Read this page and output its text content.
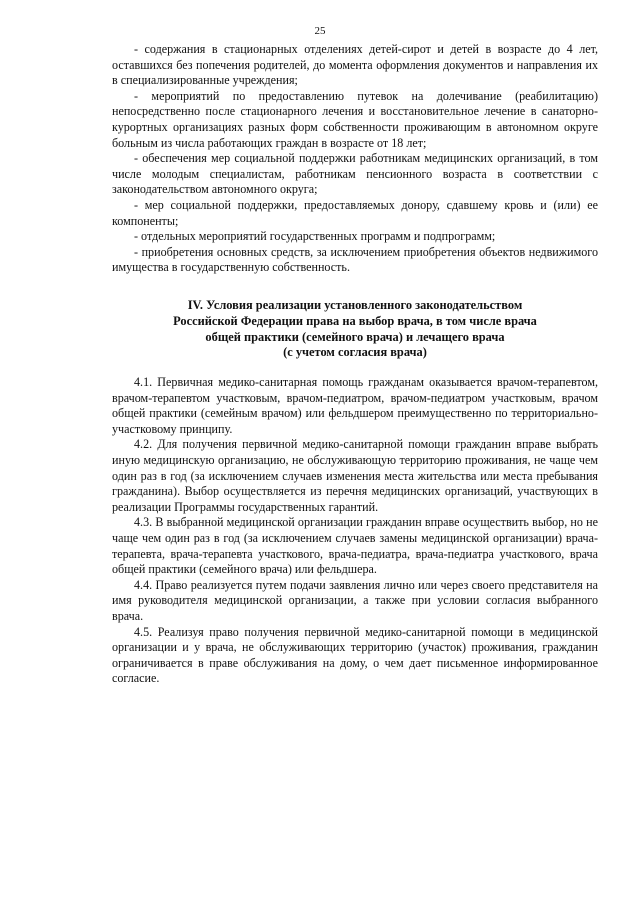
25

- содержания в стационарных отделениях детей-сирот и детей в возрасте до 4 лет, оставшихся без попечения родителей, до момента оформления документов и направления их в специализированные учреждения;

- мероприятий по предоставлению путевок на долечивание (реабилитацию) непосредственно после стационарного лечения и восстановительное лечение в санаторно-курортных организациях разных форм собственности проживающим в автономном округе больным из числа работающих граждан в возрасте от 18 лет;

- обеспечения мер социальной поддержки работникам медицинских организаций, в том числе молодым специалистам, работникам пенсионного возраста в соответствии с законодательством автономного округа;

- мер социальной поддержки, предоставляемых донору, сдавшему кровь и (или) ее компоненты;

- отдельных мероприятий государственных программ и подпрограмм;

- приобретения основных средств, за исключением приобретения объектов недвижимого имущества в государственную собственность.

IV. Условия реализации установленного законодательством
Российской Федерации права на выбор врача, в том числе врача
общей практики (семейного врача) и лечащего врача
(с учетом согласия врача)

4.1. Первичная медико-санитарная помощь гражданам оказывается врачом-терапевтом, врачом-терапевтом участковым, врачом-педиатром, врачом-педиатром участковым, врачом общей практики (семейным врачом) или фельдшером преимущественно по территориально-участковому принципу.

4.2. Для получения первичной медико-санитарной помощи гражданин вправе выбрать иную медицинскую организацию, не обслуживающую территорию проживания, не чаще чем один раз в год (за исключением случаев изменения места жительства или места пребывания гражданина). Выбор осуществляется из перечня медицинских организаций, участвующих в реализации Программы государственных гарантий.

4.3. В выбранной медицинской организации гражданин вправе осуществить выбор, но не чаще чем один раз в год (за исключением случаев замены медицинской организации) врача-терапевта, врача-терапевта участкового, врача-педиатра, врача-педиатра участкового, врача общей практики (семейного врача) или фельдшера.

4.4. Право реализуется путем подачи заявления лично или через своего представителя на имя руководителя медицинской организации, а также при условии согласия выбранного врача.

4.5. Реализуя право получения первичной медико-санитарной помощи в медицинской организации и у врача, не обслуживающих территорию (участок) проживания, гражданин ограничивается в праве обслуживания на дому, о чем дает письменное информированное согласие.
